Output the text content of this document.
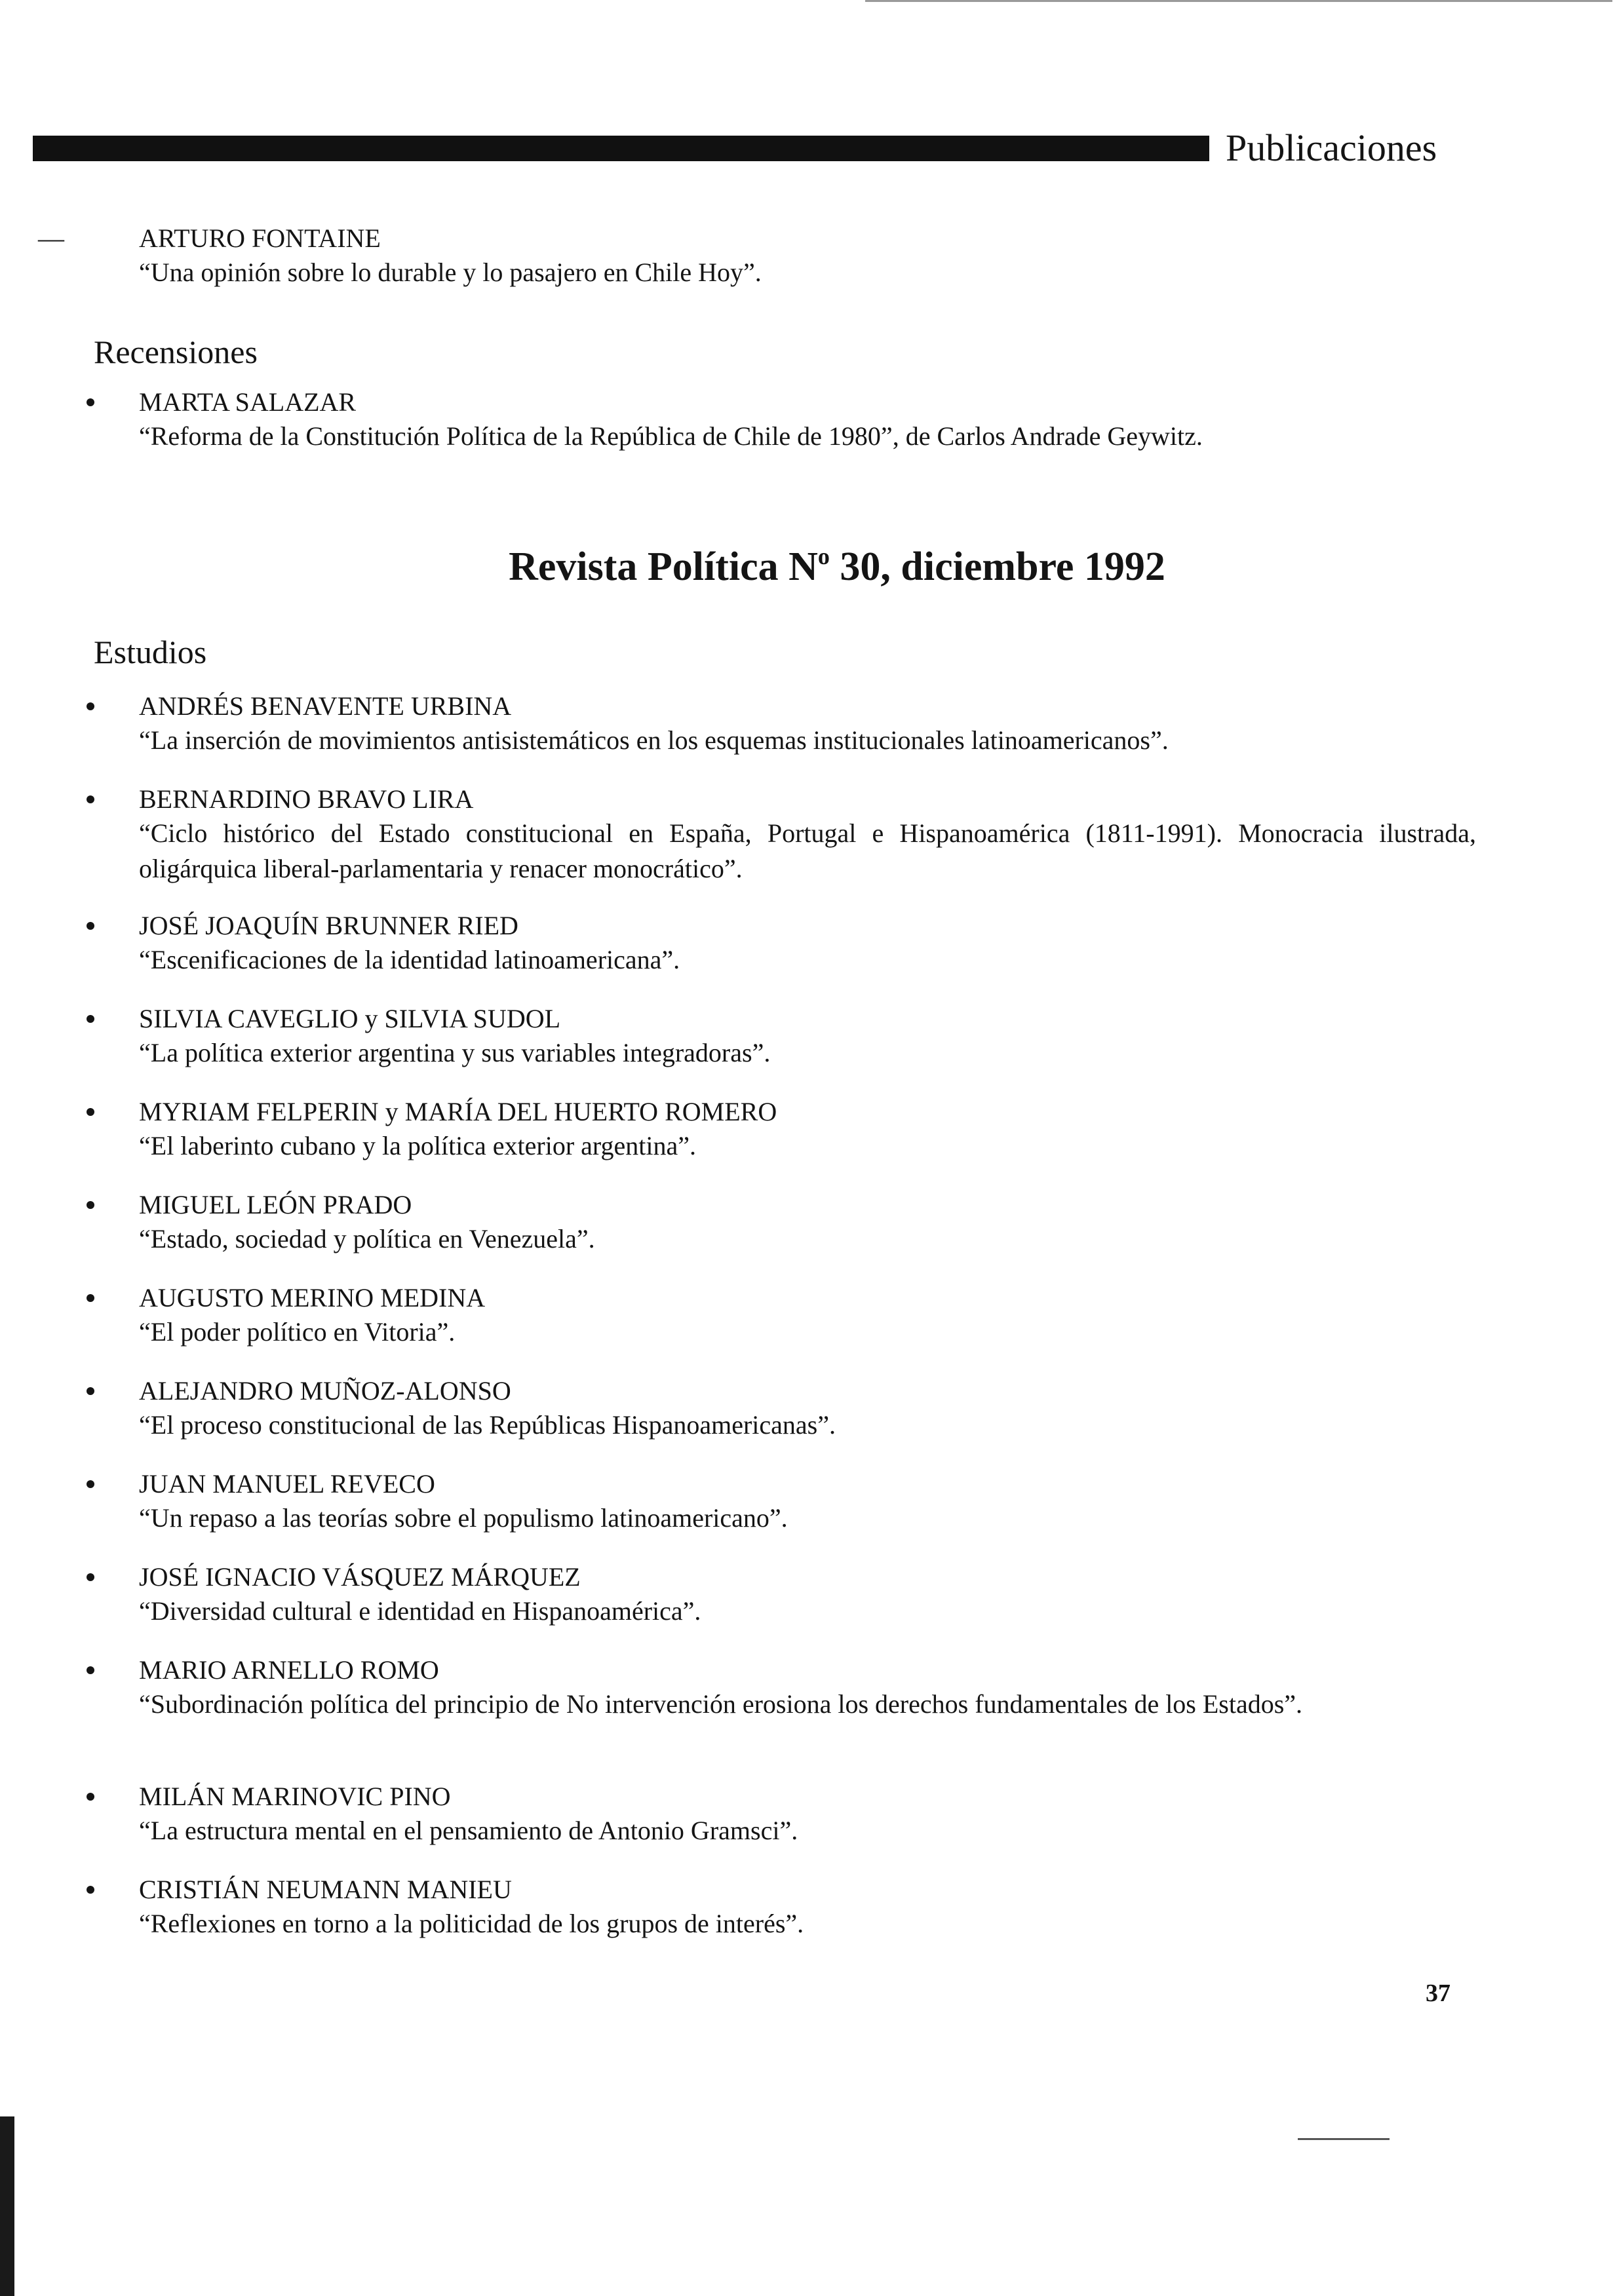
Publicaciones
—	ARTURO FONTAINE
“Una opinión sobre lo durable y lo pasajero en Chile Hoy”.
Recensiones
MARTA SALAZAR
“Reforma de la Constitución Política de la República de Chile de 1980”, de Carlos Andrade Geywitz.
Revista Política $N^o$ 30, diciembre 1992
Estudios
ANDRÉS BENAVENTE URBINA
“La inserción de movimientos antisistemáticos en los esquemas institucionales latinoamericanos”.
BERNARDINO BRAVO LIRA
“Ciclo histórico del Estado constitucional en España, Portugal e Hispanoamérica (1811-1991). Monocracia ilustrada, oligárquica liberal-parlamentaria y renacer monocrático”.
JOSÉ JOAQUÍN BRUNNER RIED
“Escenificaciones de la identidad latinoamericana”.
SILVIA CAVEGLIO y SILVIA SUDOL
“La política exterior argentina y sus variables integradoras”.
MYRIAM FELPERIN y MARÍA DEL HUERTO ROMERO
“El laberinto cubano y la política exterior argentina”.
MIGUEL LEÓN PRADO
“Estado, sociedad y política en Venezuela”.
AUGUSTO MERINO MEDINA
“El poder político en Vitoria”.
ALEJANDRO MUÑOZ-ALONSO
“El proceso constitucional de las Repúblicas Hispanoamericanas”.
JUAN MANUEL REVECO
“Un repaso a las teorías sobre el populismo latinoamericano”.
JOSÉ IGNACIO VÁSQUEZ MÁRQUEZ
“Diversidad cultural e identidad en Hispanoamérica”.
MARIO ARNELLO ROMO
“Subordinación política del principio de No intervención erosiona los derechos fundamentales de los Estados”.
MILÁN MARINOVIC PINO
“La estructura mental en el pensamiento de Antonio Gramsci”.
CRISTIÁN NEUMANN MANIEU
“Reflexiones en torno a la politicidad de los grupos de interés”.
37
